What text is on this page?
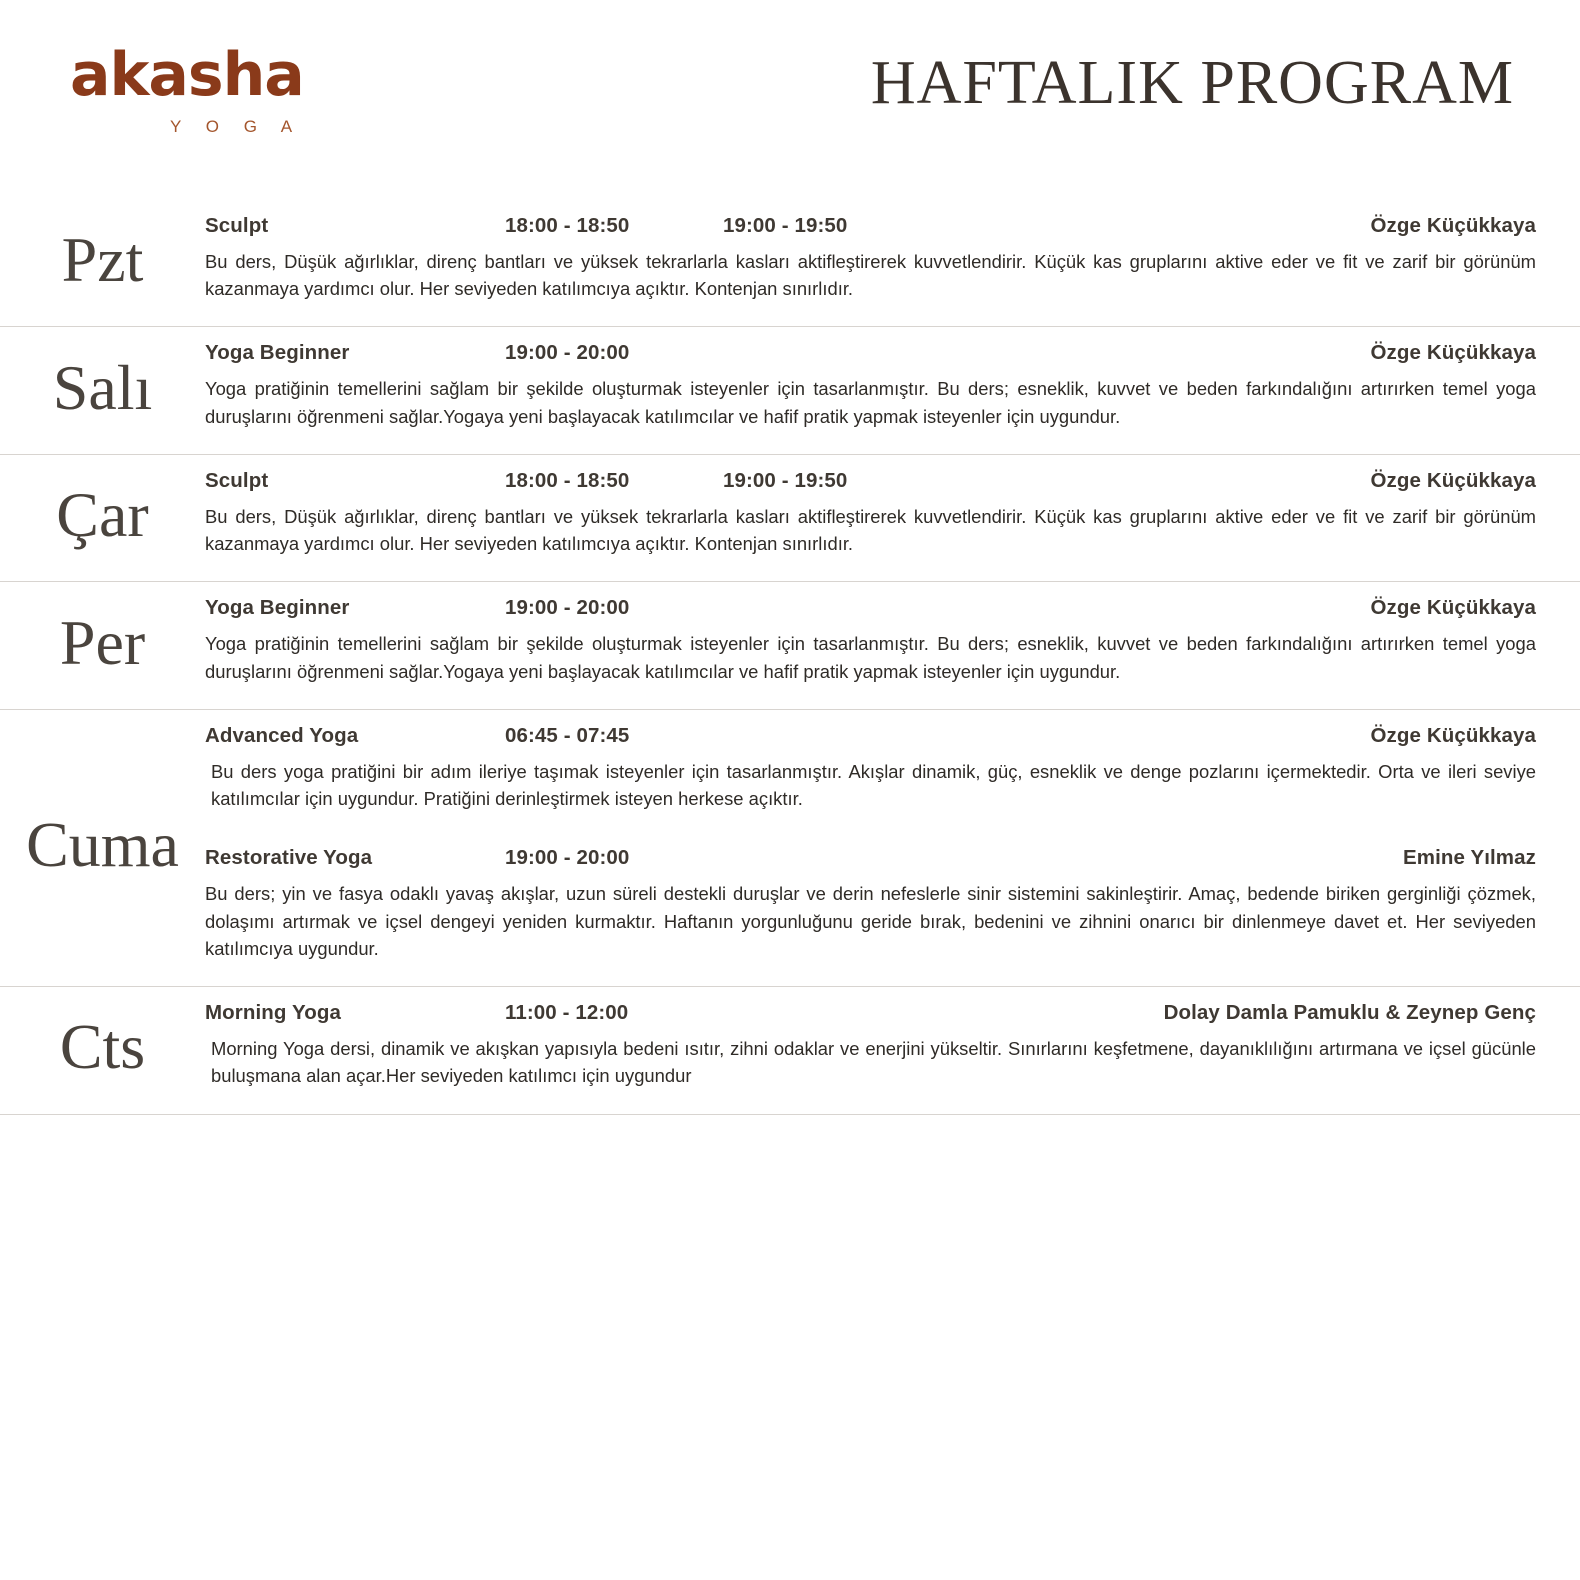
akasha
Y O G A
HAFTALIK PROGRAM
Pzt	Sculpt	18:00 - 18:50	19:00 - 19:50	Özge Küçükkaya
Bu ders, Düşük ağırlıklar, direnç bantları ve yüksek tekrarlarla kasları aktifleştirerek kuvvetlendirir. Küçük kas gruplarını aktive eder ve fit ve zarif bir görünüm kazanmaya yardımcı olur. Her seviyeden katılımcıya açıktır. Kontenjan sınırlıdır.
Salı	Yoga Beginner	19:00 - 20:00	Özge Küçükkaya
Yoga pratiğinin temellerini sağlam bir şekilde oluşturmak isteyenler için tasarlanmıştır. Bu ders; esneklik, kuvvet ve beden farkındalığını artırırken temel yoga duruşlarını öğrenmeni sağlar.Yogaya yeni başlayacak katılımcılar ve hafif pratik yapmak isteyenler için uygundur.
Çar	Sculpt	18:00 - 18:50	19:00 - 19:50	Özge Küçükkaya
Bu ders, Düşük ağırlıklar, direnç bantları ve yüksek tekrarlarla kasları aktifleştirerek kuvvetlendirir. Küçük kas gruplarını aktive eder ve fit ve zarif bir görünüm kazanmaya yardımcı olur. Her seviyeden katılımcıya açıktır. Kontenjan sınırlıdır.
Per	Yoga Beginner	19:00 - 20:00	Özge Küçükkaya
Yoga pratiğinin temellerini sağlam bir şekilde oluşturmak isteyenler için tasarlanmıştır. Bu ders; esneklik, kuvvet ve beden farkındalığını artırırken temel yoga duruşlarını öğrenmeni sağlar.Yogaya yeni başlayacak katılımcılar ve hafif pratik yapmak isteyenler için uygundur.
Cuma
Advanced Yoga	06:45 - 07:45	Özge Küçükkaya
Bu ders yoga pratiğini bir adım ileriye taşımak isteyenler için tasarlanmıştır. Akışlar dinamik, güç, esneklik ve denge pozlarını içermektedir. Orta ve ileri seviye katılımcılar için uygundur. Pratiğini derinleştirmek isteyen herkese açıktır.
Restorative Yoga	19:00 - 20:00	Emine Yılmaz
Bu ders; yin ve fasya odaklı yavaş akışlar, uzun süreli destekli duruşlar ve derin nefeslerle sinir sistemini sakinleştirir. Amaç, bedende biriken gerginliği çözmek, dolaşımı artırmak ve içsel dengeyi yeniden kurmaktır. Haftanın yorgunluğunu geride bırak, bedenini ve zihnini onarıcı bir dinlenmeye davet et. Her seviyeden katılımcıya uygundur.
Cts	Morning Yoga	11:00 - 12:00	Dolay Damla Pamuklu & Zeynep Genç
Morning Yoga dersi, dinamik ve akışkan yapısıyla bedeni ısıtır, zihni odaklar ve enerjini yükseltir. Sınırlarını keşfetmene, dayanıklılığını artırmana ve içsel gücünle buluşmana alan açar.Her seviyeden katılımcı için uygundur
